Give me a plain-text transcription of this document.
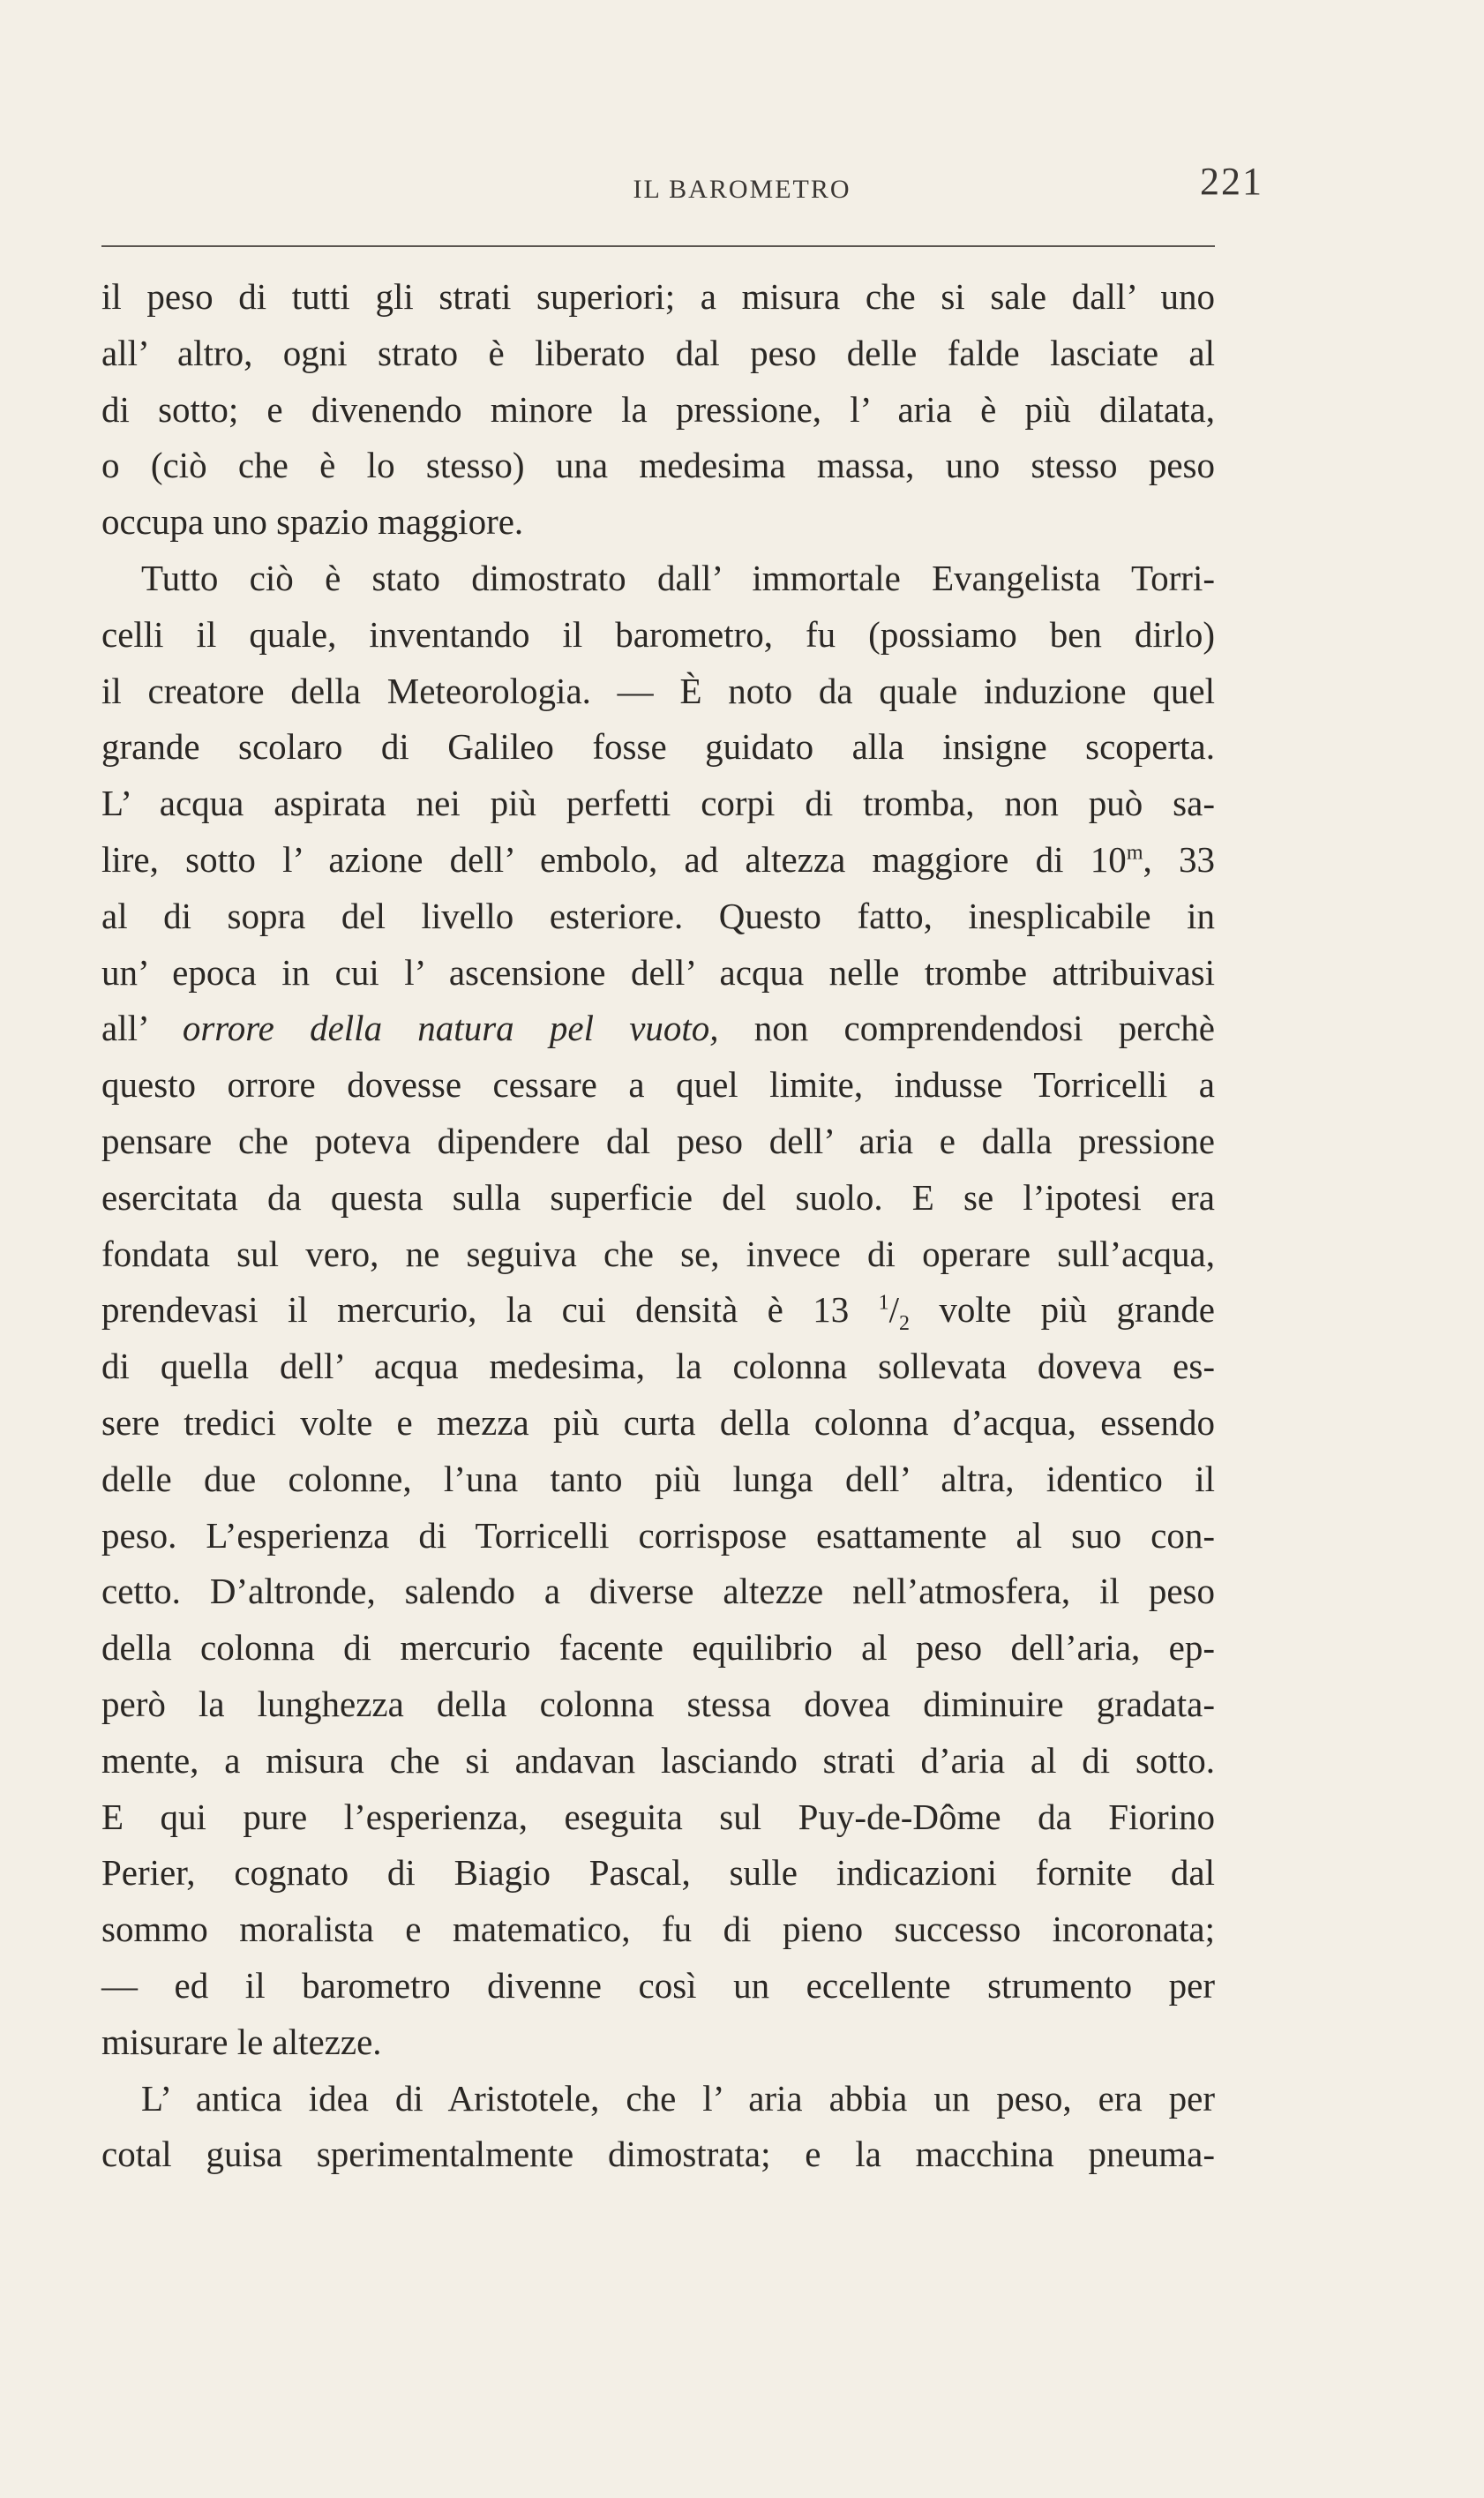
IL BAROMETRO	221
il peso di tutti gli strati superiori; a misura che si sale dall’ uno
all’ altro, ogni strato è liberato dal peso delle falde lasciate al
di sotto; e divenendo minore la pressione, l’ aria è più dilatata,
o (ciò che è lo stesso) una medesima massa, uno stesso peso
occupa uno spazio maggiore.
Tutto ciò è stato dimostrato dall’ immortale Evangelista Torri-
celli il quale, inventando il barometro, fu (possiamo ben dirlo)
il creatore della Meteorologia. — È noto da quale induzione quel
grande scolaro di Galileo fosse guidato alla insigne scoperta.
L’ acqua aspirata nei più perfetti corpi di tromba, non può sa-
lire, sotto l’ azione dell’ embolo, ad altezza maggiore di 10$^m$, 33
al di sopra del livello esteriore. Questo fatto, inesplicabile in
un’ epoca in cui l’ ascensione dell’ acqua nelle trombe attribuivasi
all’ orrore della natura pel vuoto, non comprendendosi perchè
questo orrore dovesse cessare a quel limite, indusse Torricelli a
pensare che poteva dipendere dal peso dell’ aria e dalla pressione
esercitata da questa sulla superficie del suolo. E se l’ipotesi era
fondata sul vero, ne seguiva che se, invece di operare sull’acqua,
prendevasi il mercurio, la cui densità è 13 $^1/_2$ volte più grande
di quella dell’ acqua medesima, la colonna sollevata doveva es-
sere tredici volte e mezza più curta della colonna d’acqua, essendo
delle due colonne, l’una tanto più lunga dell’ altra, identico il
peso. L’esperienza di Torricelli corrispose esattamente al suo con-
cetto. D’altronde, salendo a diverse altezze nell’atmosfera, il peso
della colonna di mercurio facente equilibrio al peso dell’aria, ep-
però la lunghezza della colonna stessa dovea diminuire gradata-
mente, a misura che si andavan lasciando strati d’aria al di sotto.
E qui pure l’esperienza, eseguita sul Puy-de-Dôme da Fiorino
Perier, cognato di Biagio Pascal, sulle indicazioni fornite dal
sommo moralista e matematico, fu di pieno successo incoronata;
— ed il barometro divenne così un eccellente strumento per
misurare le altezze.
L’ antica idea di Aristotele, che l’ aria abbia un peso, era per
cotal guisa sperimentalmente dimostrata; e la macchina pneuma-
